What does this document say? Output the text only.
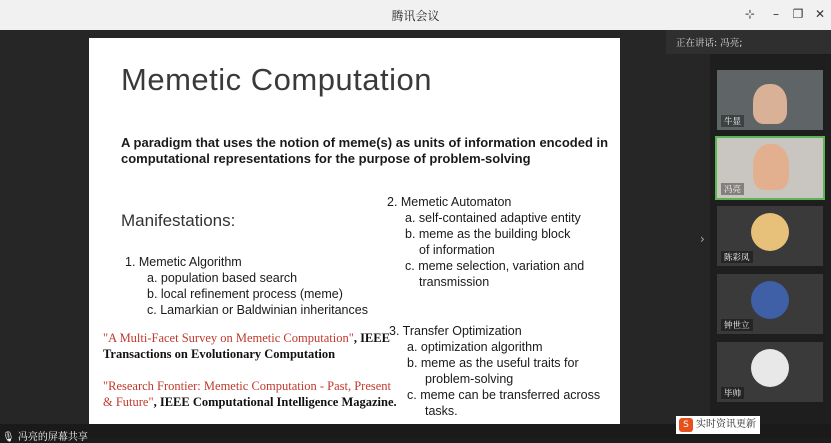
腾讯会议	⊹	–	❐ ✕
Memetic Computation
A paradigm that uses the notion of meme(s) as units of information encoded in computational representations for the purpose of problem-solving
Manifestations:
1. Memetic Algorithm
a. population based search
b. local refinement process (meme)
c. Lamarkian or Baldwinian inheritances
2. Memetic Automaton
a. self-contained adaptive entity
b. meme as the building block
of information
c. meme selection, variation and
transmission
3. Transfer Optimization
a. optimization algorithm
b. meme as the useful traits for
problem-solving
c. meme can be transferred across
tasks.
"A Multi-Facet Survey on Memetic Computation", IEEE Transactions on Evolutionary Computation
"Research Frontier: Memetic Computation - Past, Present & Future", IEEE Computational Intelligence Magazine.
正在讲话: 冯亮;
›
牛显
冯亮
陈彩凤
钟世立
毕帅
🎙 冯亮的屏幕共享
S 实时资讯更新
